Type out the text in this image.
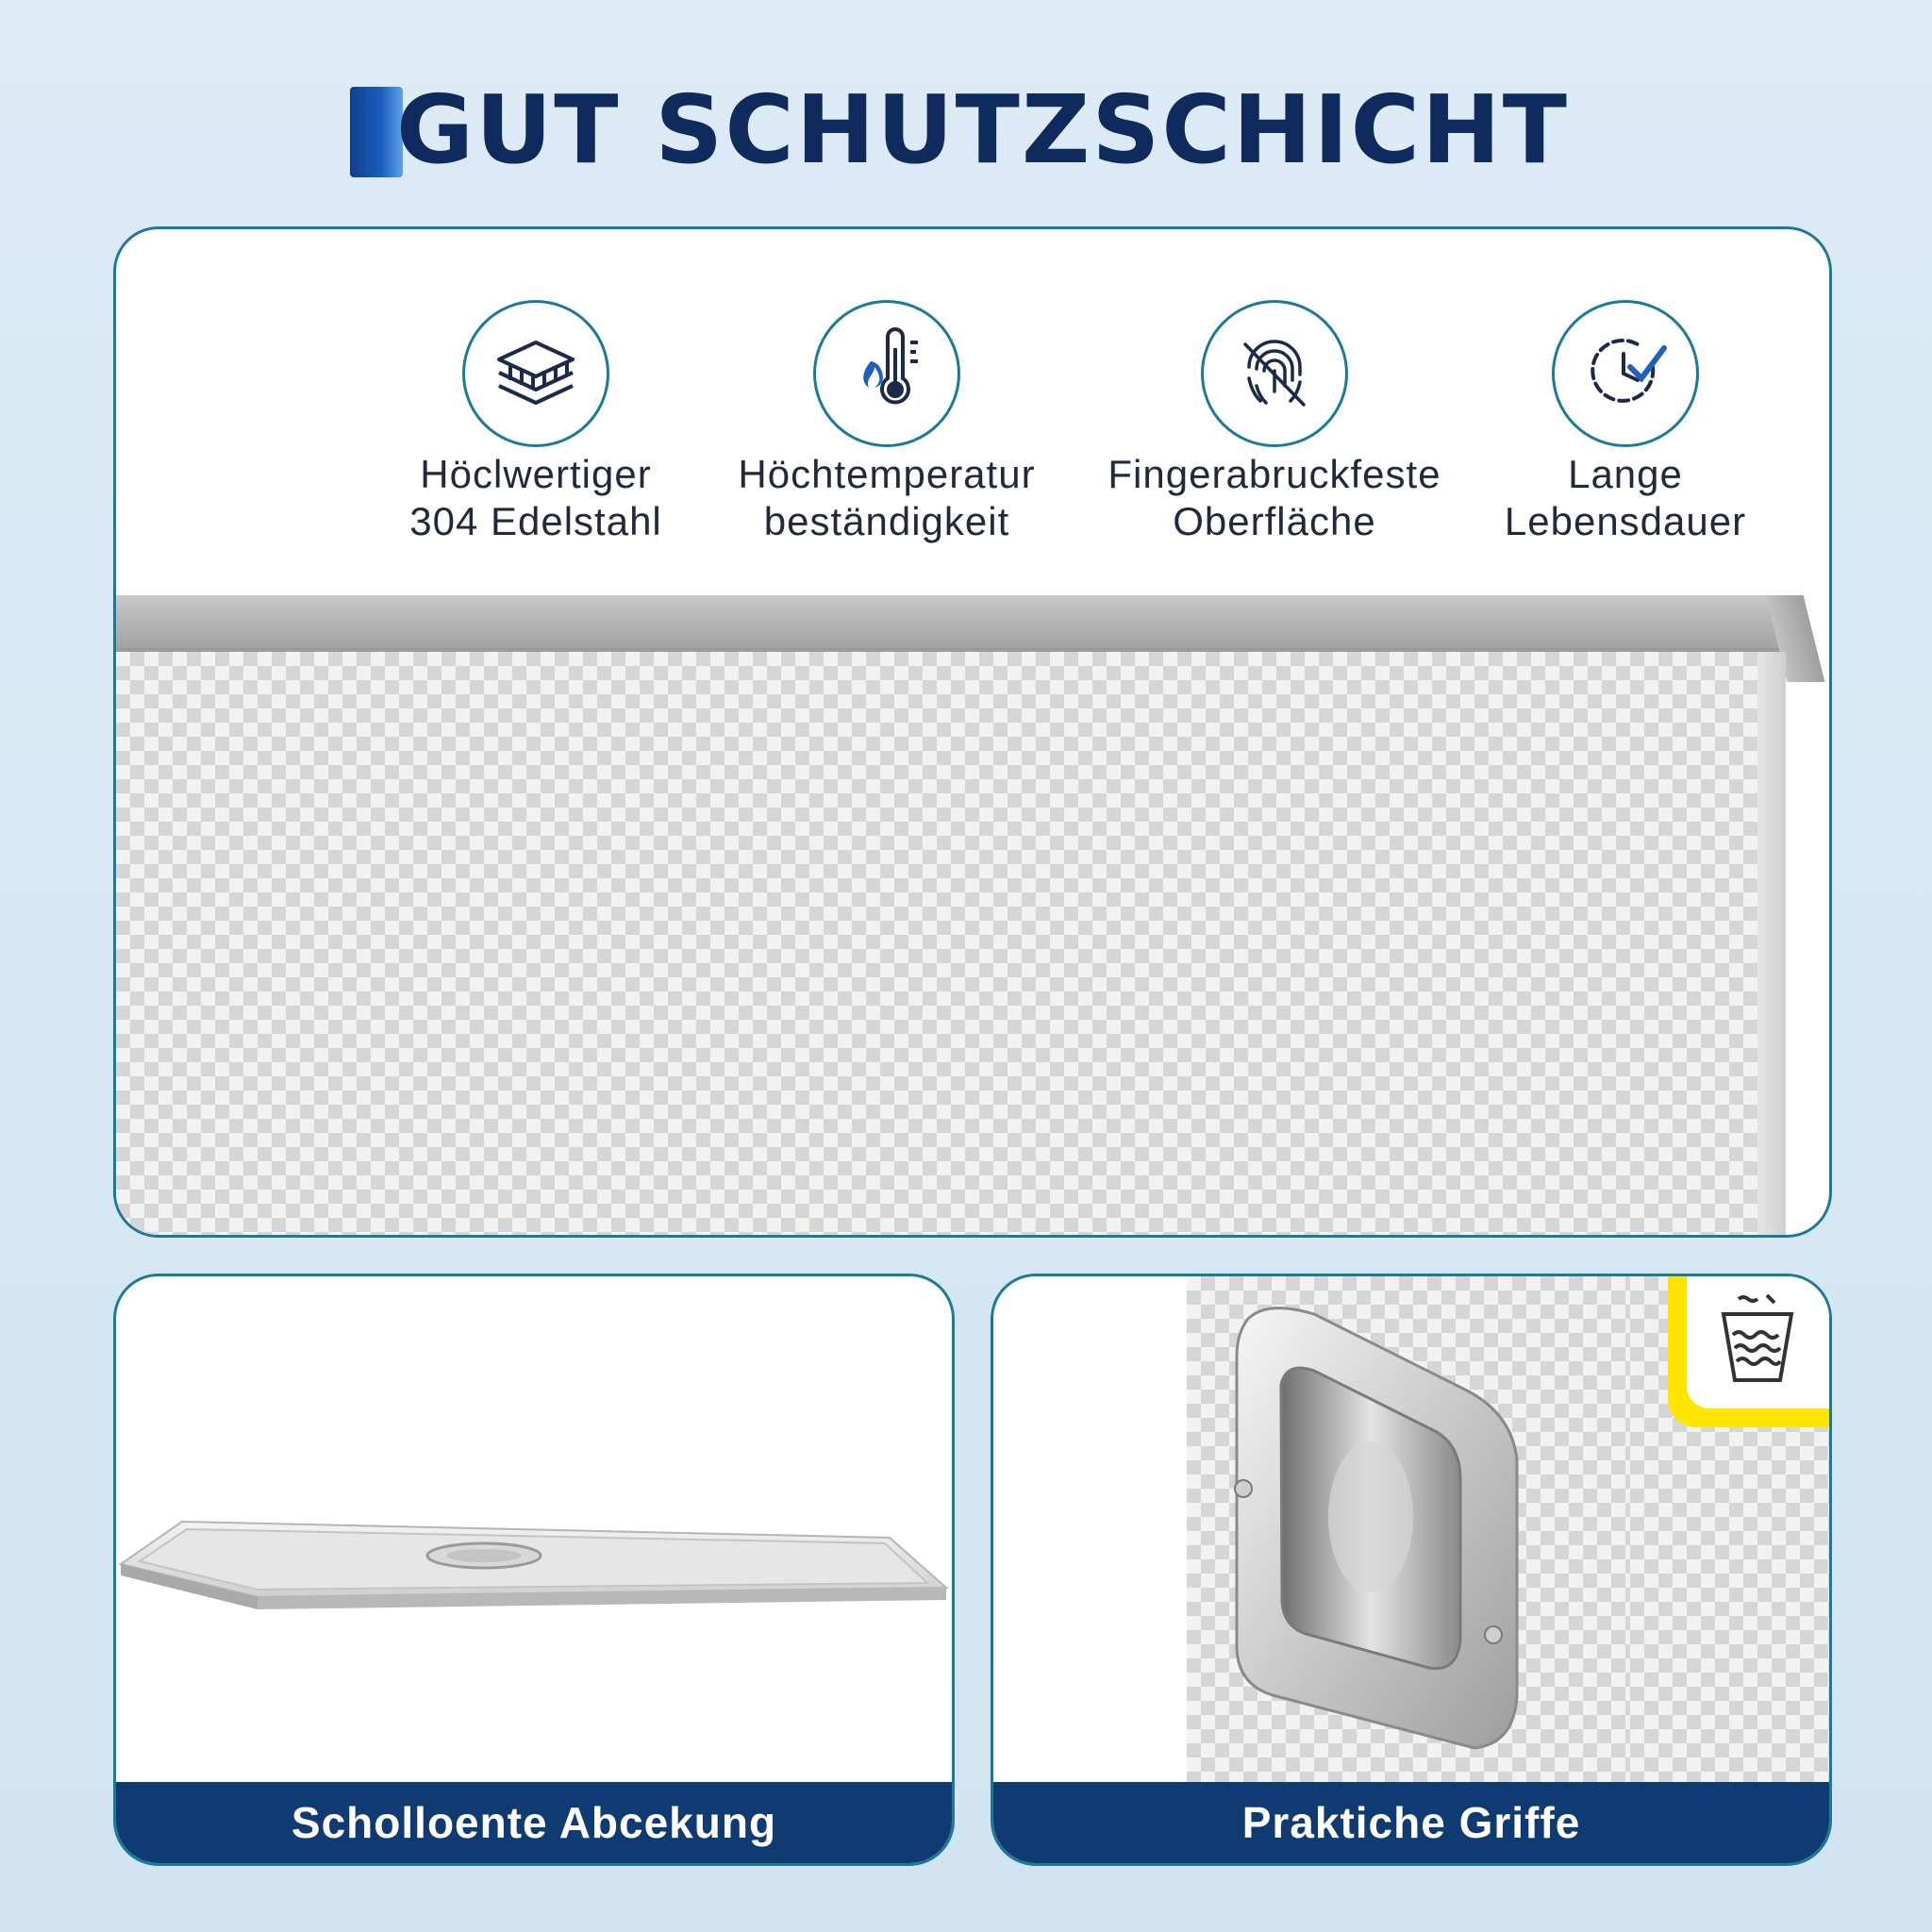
GUT SCHUTZSCHICHT
Höclwertiger
304 Edelstahl
Höchtemperatur
beständigkeit
Fingerabruckfeste
Oberfläche
Lange
Lebensdauer
Scholloente Abcekung	Praktiche Griffe
